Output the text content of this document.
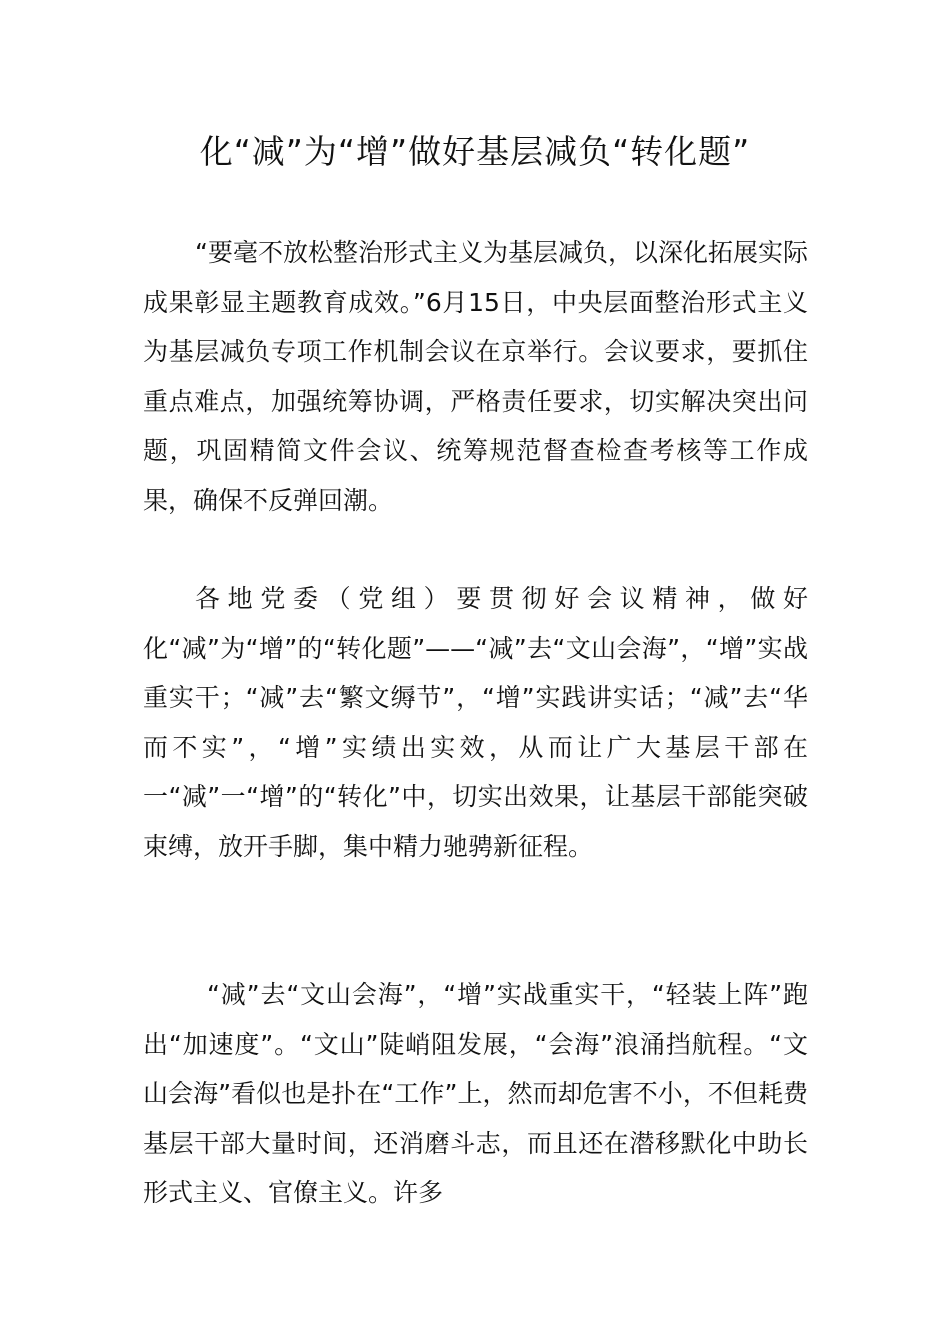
化“减”为“增”做好基层减负“转化题”

“要毫不放松整治形式主义为基层减负，以深化拓展实际成果彰显主题教育成效。”6月15日，中央层面整治形式主义为基层减负专项工作机制会议在京举行。会议要求，要抓住重点难点，加强统筹协调，严格责任要求，切实解决突出问题，巩固精简文件会议、统筹规范督查检查考核等工作成果，确保不反弹回潮。

各地党委（党组）要贯彻好会议精神，做好化“减”为“增”的“转化题”——“减”去“文山会海”，“增”实战重实干；“减”去“繁文缛节”，“增”实践讲实话；“减”去“华而不实”，“增”实绩出实效，从而让广大基层干部在一“减”一“增”的“转化”中，切实出效果，让基层干部能突破束缚，放开手脚，集中精力驰骋新征程。

“减”去“文山会海”，“增”实战重实干，“轻装上阵”跑出“加速度”。“文山”陡峭阻发展，“会海”浪涌挡航程。“文山会海”看似也是扑在“工作”上，然而却危害不小，不但耗费基层干部大量时间，还消磨斗志，而且还在潜移默化中助长形式主义、官僚主义。许多
